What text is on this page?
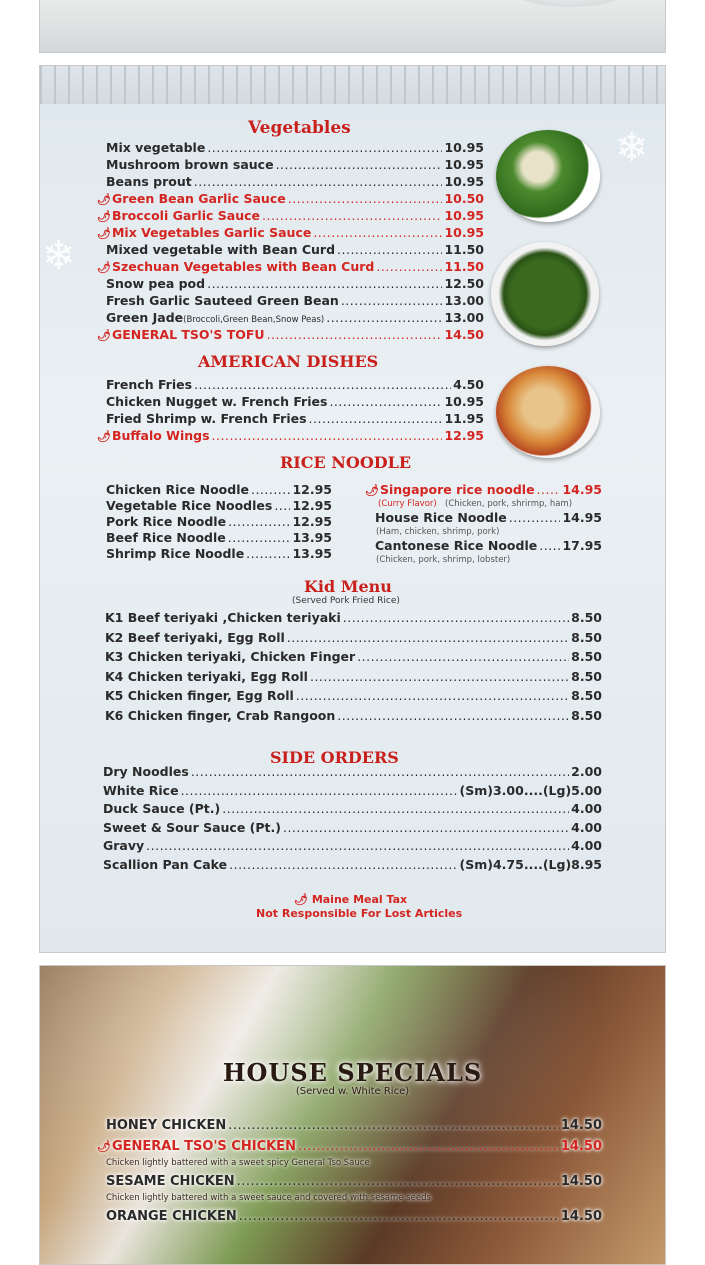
❄
❄
Vegetables
Mix vegetable .....	10.95
Mushroom brown sauce .....	10.95
Beans prout .....	10.95
🌶 Green Bean Garlic Sauce .....	10.50
🌶 Broccoli Garlic Sauce .....	10.95
🌶 Mix Vegetables Garlic Sauce .....	10.95
Mixed vegetable with Bean Curd .....	11.50
🌶 Szechuan Vegetables with Bean Curd .....	11.50
Snow pea pod .....	12.50
Fresh Garlic Sauteed Green Bean .....	13.00
Green Jade (Broccoli,Green Bean,Snow Peas) .....	13.00
🌶 GENERAL TSO'S TOFU .....	14.50
AMERICAN DISHES
French Fries .....	4.50
Chicken Nugget w. French Fries .....	10.95
Fried Shrimp w. French Fries .....	11.95
🌶 Buffalo Wings .....	12.95
RICE NOODLE
Chicken Rice Noodle .....	12.95
Vegetable Rice Noodles ..... 12.95
Pork Rice Noodle .....	12.95
Beef Rice Noodle .....	13.95
Shrimp Rice Noodle .....	13.95
🌶 Singapore rice noodle ..... 14.95
(Curry Flavor) (Chicken, pork, shrirmp, ham)
House Rice Noodle .....	14.95
(Ham, chicken, shrimp, pork)
Cantonese Rice Noodle ..... 17.95
(Chicken, pork, shrimp, lobster)
Kid Menu
(Served Pork Fried Rice)
K1 Beef teriyaki ,Chicken teriyaki .....	8.50
K2 Beef teriyaki, Egg Roll .....	8.50
K3 Chicken teriyaki, Chicken Finger .....	8.50
K4 Chicken teriyaki, Egg Roll .....	8.50
K5 Chicken finger, Egg Roll .....	8.50
K6 Chicken finger, Crab Rangoon .....	8.50
SIDE ORDERS
Dry Noodles .....	2.00
White Rice .....	(Sm)3.00....(Lg)5.00
Duck Sauce (Pt.) .....	4.00
Sweet & Sour Sauce (Pt.) .....	4.00
Gravy .....	4.00
Scallion Pan Cake .....	(Sm)4.75....(Lg)8.95
🌶 Maine Meal Tax
Not Responsible For Lost Articles
HOUSE SPECIALS
(Served w. White Rice)
HONEY CHICKEN .....	14.50
🌶 GENERAL TSO'S CHICKEN .....	14.50
Chicken lightly battered with a sweet spicy General Tso Sauce
SESAME CHICKEN .....	14.50
Chicken lightly battered with a sweet sauce and covered with sesame seeds
ORANGE CHICKEN .....	14.50
